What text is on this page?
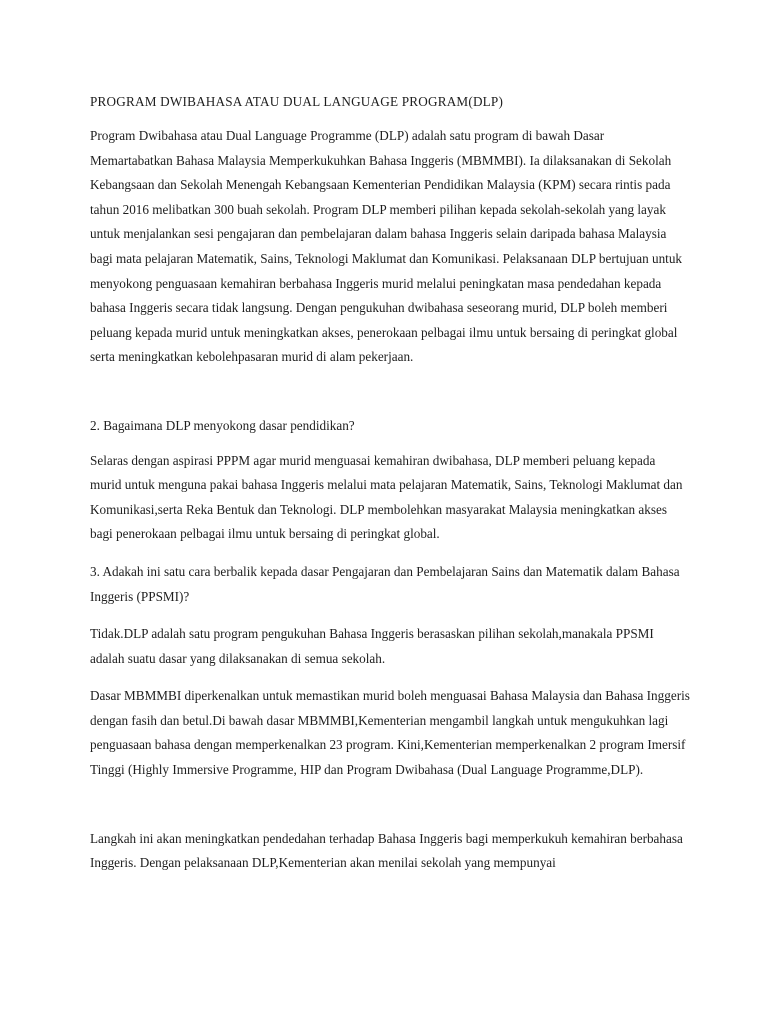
PROGRAM DWIBAHASA ATAU DUAL LANGUAGE PROGRAM(DLP)

Program Dwibahasa atau Dual Language Programme (DLP) adalah satu program di bawah Dasar Memartabatkan Bahasa Malaysia Memperkukuhkan Bahasa Inggeris (MBMMBI). Ia dilaksanakan di Sekolah Kebangsaan dan Sekolah Menengah Kebangsaan Kementerian Pendidikan Malaysia (KPM) secara rintis pada tahun 2016 melibatkan 300 buah sekolah. Program DLP memberi pilihan kepada sekolah-sekolah yang layak untuk menjalankan sesi pengajaran dan pembelajaran dalam bahasa Inggeris selain daripada bahasa Malaysia bagi mata pelajaran Matematik, Sains, Teknologi Maklumat dan Komunikasi. Pelaksanaan DLP bertujuan untuk menyokong penguasaan kemahiran berbahasa Inggeris murid melalui peningkatan masa pendedahan kepada bahasa Inggeris secara tidak langsung. Dengan pengukuhan dwibahasa seseorang murid, DLP boleh memberi peluang kepada murid untuk meningkatkan akses, penerokaan pelbagai ilmu untuk bersaing di peringkat global serta meningkatkan kebolehpasaran murid di alam pekerjaan.

2. Bagaimana DLP menyokong dasar pendidikan?

Selaras dengan aspirasi PPPM agar murid menguasai kemahiran dwibahasa, DLP memberi peluang kepada murid untuk menguna pakai bahasa Inggeris melalui mata pelajaran Matematik, Sains, Teknologi Maklumat dan Komunikasi,serta Reka Bentuk dan Teknologi. DLP membolehkan masyarakat Malaysia meningkatkan akses bagi penerokaan pelbagai ilmu untuk bersaing di peringkat global.

3. Adakah ini satu cara berbalik kepada dasar Pengajaran dan Pembelajaran Sains dan Matematik dalam Bahasa Inggeris (PPSMI)?

Tidak.DLP adalah satu program pengukuhan Bahasa Inggeris berasaskan pilihan sekolah,manakala PPSMI adalah suatu dasar yang dilaksanakan di semua sekolah.

Dasar MBMMBI diperkenalkan untuk memastikan murid boleh menguasai Bahasa Malaysia dan Bahasa Inggeris dengan fasih dan betul.Di bawah dasar MBMMBI,Kementerian mengambil langkah untuk mengukuhkan lagi penguasaan bahasa dengan memperkenalkan 23 program. Kini,Kementerian memperkenalkan 2 program Imersif Tinggi (Highly Immersive Programme, HIP dan Program Dwibahasa (Dual Language Programme,DLP).

Langkah ini akan meningkatkan pendedahan terhadap Bahasa Inggeris bagi memperkukuh kemahiran berbahasa Inggeris. Dengan pelaksanaan DLP,Kementerian akan menilai sekolah yang mempunyai
